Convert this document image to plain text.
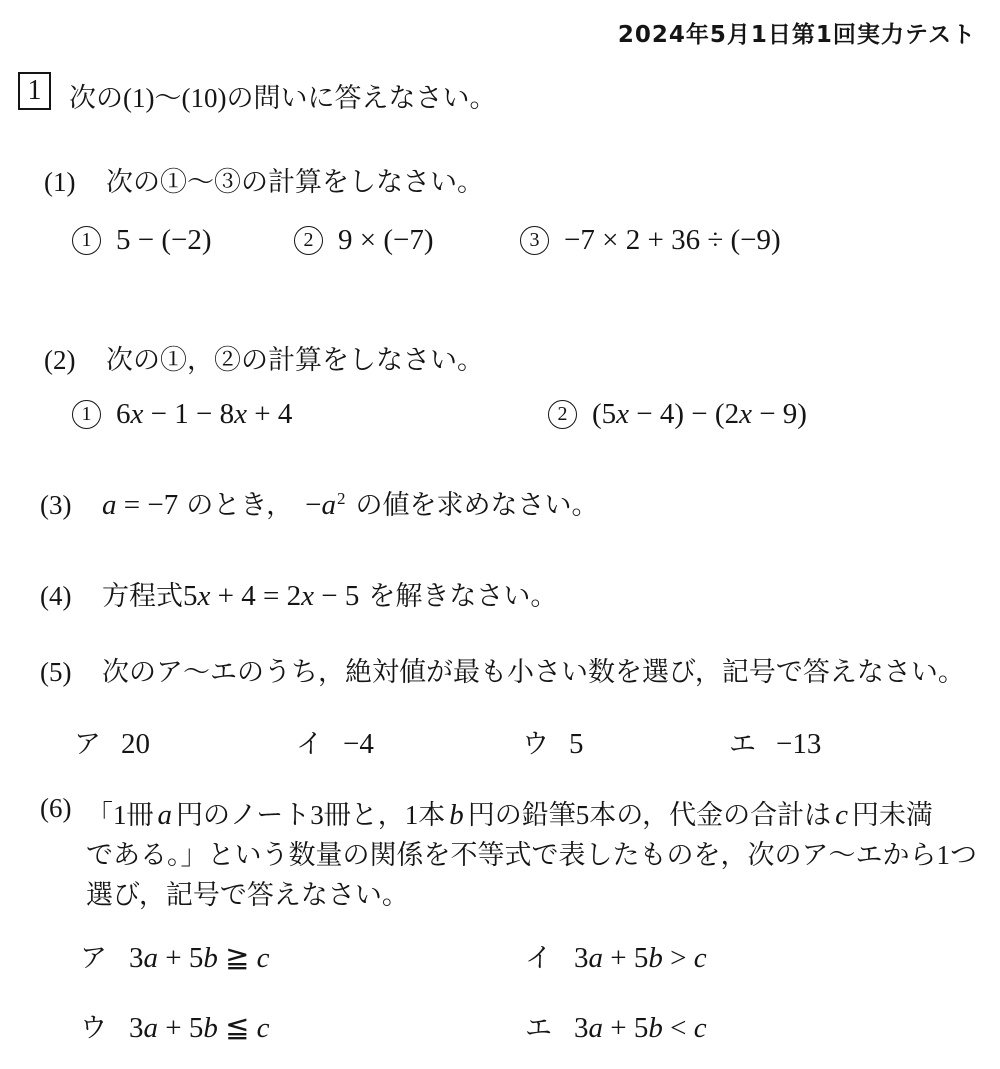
2024年5月1日第1回実力テスト
1	次の(1)～(10)の問いに答えなさい。
(1) 次の①～③の計算をしなさい。
1 5 − (−2)	2 9 × (−7)	3 −7 × 2 + 36 ÷ (−9)
(2) 次の①，②の計算をしなさい。
1 6x − 1 − 8x + 4	2 (5x − 4) − (2x − 9)
(3) a = −7 のとき， $-a^2$ の値を求めなさい。
(4) 方程式5x + 4 = 2x − 5 を解きなさい。
(5) 次のア～エのうち，絶対値が最も小さい数を選び，記号で答えなさい。
ア 20	イ −4	ウ 5	エ −13
(6) 「1冊 a 円のノート3冊と，1本 b 円の鉛筆5本の，代金の合計は c 円未満
である。」という数量の関係を不等式で表したものを，次のア～エから1つ
選び，記号で答えなさい。
ア 3a + 5b ≧ c	イ 3a + 5b > c
ウ 3a + 5b ≦ c	エ 3a + 5b < c
